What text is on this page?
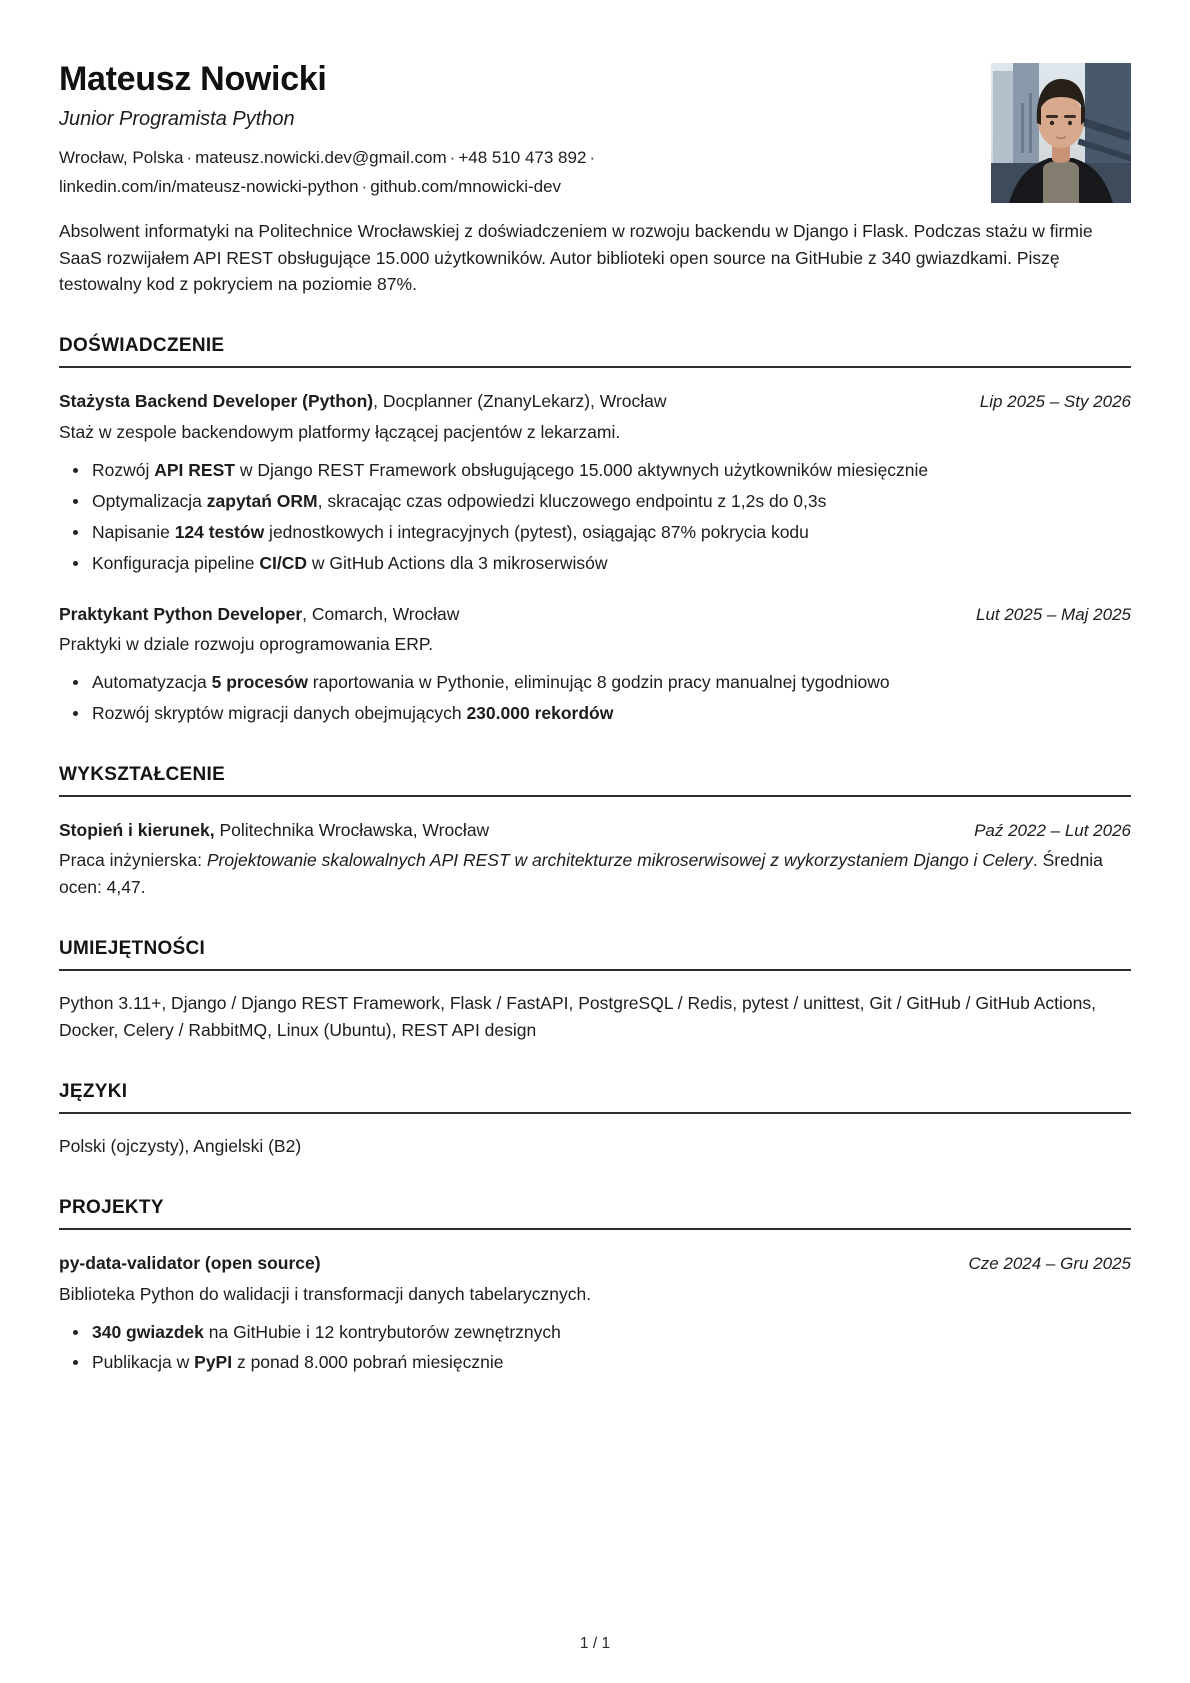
Mateusz Nowicki
Junior Programista Python
Wrocław, Polska · mateusz.nowicki.dev@gmail.com · +48 510 473 892 ·
linkedin.com/in/mateusz-nowicki-python · github.com/mnowicki-dev
Absolwent informatyki na Politechnice Wrocławskiej z doświadczeniem w rozwoju backendu w Django i Flask. Podczas stażu w firmie SaaS rozwijałem API REST obsługujące 15.000 użytkowników. Autor biblioteki open source na GitHubie z 340 gwiazdkami. Piszę testowalny kod z pokryciem na poziomie 87%.
DOŚWIADCZENIE
Stażysta Backend Developer (Python), Docplanner (ZnanyLekarz), Wrocław	Lip 2025 – Sty 2026
Staż w zespole backendowym platformy łączącej pacjentów z lekarzami.
Rozwój API REST w Django REST Framework obsługującego 15.000 aktywnych użytkowników miesięcznie
Optymalizacja zapytań ORM, skracając czas odpowiedzi kluczowego endpointu z 1,2s do 0,3s
Napisanie 124 testów jednostkowych i integracyjnych (pytest), osiągając 87% pokrycia kodu
Konfiguracja pipeline CI/CD w GitHub Actions dla 3 mikroserwisów
Praktykant Python Developer, Comarch, Wrocław	Lut 2025 – Maj 2025
Praktyki w dziale rozwoju oprogramowania ERP.
Automatyzacja 5 procesów raportowania w Pythonie, eliminując 8 godzin pracy manualnej tygodniowo
Rozwój skryptów migracji danych obejmujących 230.000 rekordów
WYKSZTAŁCENIE
Stopień i kierunek, Politechnika Wrocławska, Wrocław	Paź 2022 – Lut 2026
Praca inżynierska: Projektowanie skalowalnych API REST w architekturze mikroserwisowej z wykorzystaniem Django i Celery. Średnia ocen: 4,47.
UMIEJĘTNOŚCI
Python 3.11+, Django / Django REST Framework, Flask / FastAPI, PostgreSQL / Redis, pytest / unittest, Git / GitHub / GitHub Actions, Docker, Celery / RabbitMQ, Linux (Ubuntu), REST API design
JĘZYKI
Polski (ojczysty), Angielski (B2)
PROJEKTY
py-data-validator (open source)	Cze 2024 – Gru 2025
Biblioteka Python do walidacji i transformacji danych tabelarycznych.
340 gwiazdek na GitHubie i 12 kontrybutorów zewnętrznych
Publikacja w PyPI z ponad 8.000 pobrań miesięcznie
1 / 1
